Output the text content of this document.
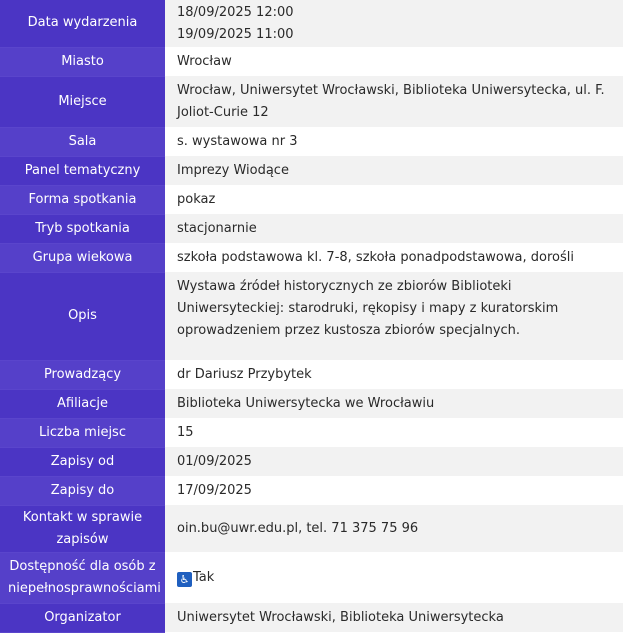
Data wydarzenia	18/09/2025 12:00
19/09/2025 11:00

Miasto	Wrocław
Miejsce	Wrocław, Uniwersytet Wrocławski, Biblioteka Uniwersytecka, ul. F. Joliot-Curie 12
Sala	s. wystawowa nr 3
Panel tematyczny	Imprezy Wiodące
Forma spotkania	pokaz
Tryb spotkania	stacjonarnie
Grupa wiekowa	szkoła podstawowa kl. 7-8, szkoła ponadpodstawowa, dorośli
Opis	Wystawa źródeł historycznych ze zbiorów Biblioteki Uniwersyteckiej: starodruki, rękopisy i mapy z kuratorskim oprowadzeniem przez kustosza zbiorów specjalnych.
Prowadzący	dr Dariusz Przybytek
Afiliacje	Biblioteka Uniwersytecka we Wrocławiu
Liczba miejsc	15
Zapisy od	01/09/2025
Zapisy do	17/09/2025
Kontakt w sprawie zapisów	oin.bu@uwr.edu.pl, tel. 71 375 75 96
Dostępność dla osób z niepełnosprawnościami	♿ Tak
Organizator	Uniwersytet Wrocławski, Biblioteka Uniwersytecka
